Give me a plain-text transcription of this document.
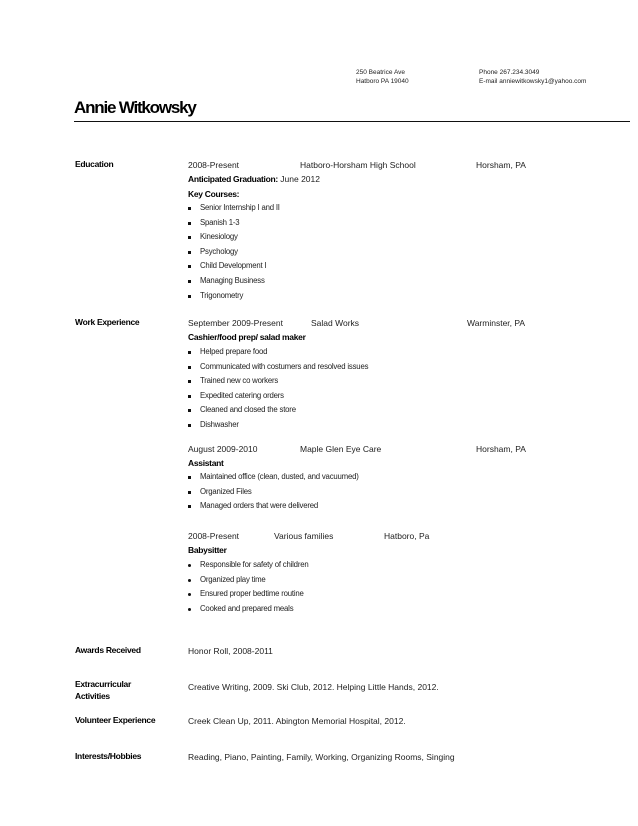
250 Beatrice Ave
Hatboro PA 19040
Phone 267.234.3049
E-mail anniewitkowsky1@yahoo.com
Annie Witkowsky
Education	2008-Present	Hatboro-Horsham High School	Horsham, PA
Anticipated Graduation: June 2012
Key Courses:
Senior Internship I and II
Spanish 1-3
Kinesiology
Psychology
Child Development I
Managing Business
Trigonometry
Work Experience	September 2009-Present	Salad Works	Warminster, PA
Cashier/food prep/ salad maker
Helped prepare food
Communicated with costumers and resolved issues
Trained new co workers
Expedited catering orders
Cleaned and closed the store
Dishwasher
August 2009-2010	Maple Glen Eye Care	Horsham, PA
Assistant
Maintained office (clean, dusted, and vacuumed)
Organized Files
Managed orders that were delivered
2008-Present	Various families	Hatboro, Pa
Babysitter
Responsible for safety of children
Organized play time
Ensured proper bedtime routine
Cooked and prepared meals
Awards Received	Honor Roll, 2008-2011
Extracurricular
Activities
Creative Writing, 2009. Ski Club, 2012. Helping Little Hands, 2012.
Volunteer Experience	Creek Clean Up, 2011. Abington Memorial Hospital, 2012.
Interests/Hobbies	Reading, Piano, Painting, Family, Working, Organizing Rooms, Singing
